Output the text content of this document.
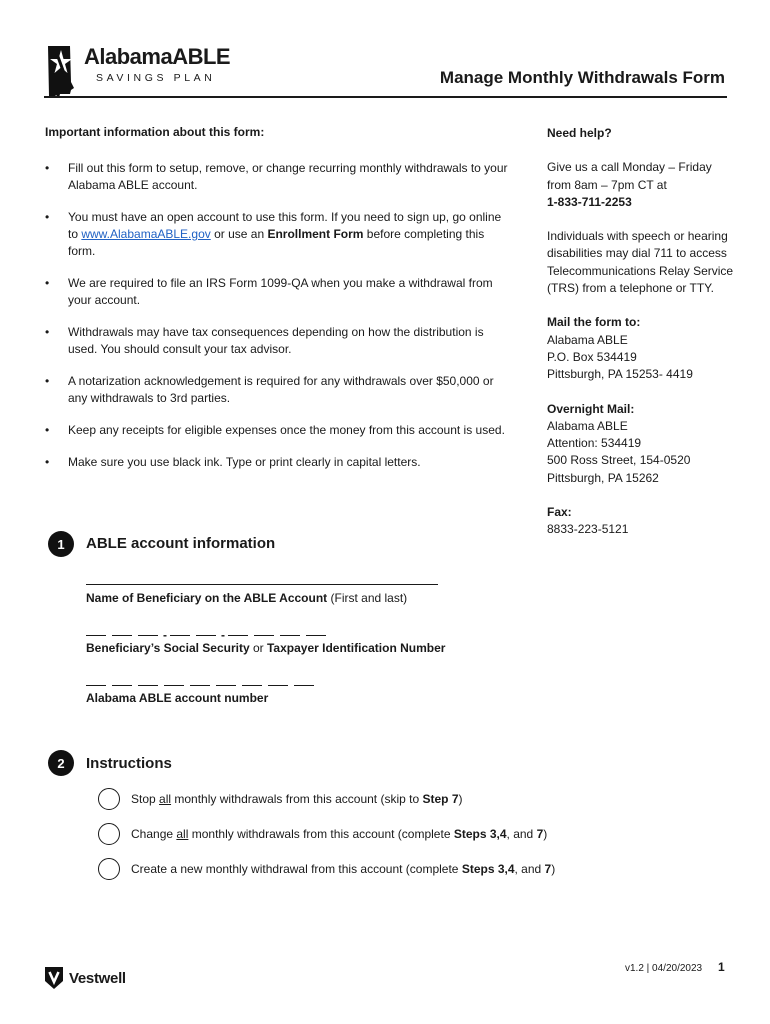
AlabamaABLE
SAVINGS PLAN	Manage Monthly Withdrawals Form
Important information about this form:
• Fill out this form to setup, remove, or change recurring monthly withdrawals to your Alabama ABLE account.
• You must have an open account to use this form. If you need to sign up, go online to www.AlabamaABLE.gov or use an Enrollment Form before completing this form.
• We are required to file an IRS Form 1099-QA when you make a withdrawal from your account.
• Withdrawals may have tax consequences depending on how the distribution is used. You should consult your tax advisor.
• A notarization acknowledgement is required for any withdrawals over $50,000 or any withdrawals to 3rd parties.
• Keep any receipts for eligible expenses once the money from this account is used.
• Make sure you use black ink. Type or print clearly in capital letters.
Need help?
Give us a call Monday – Friday from 8am – 7pm CT at
1-833-711-2253
Individuals with speech or hearing disabilities may dial 711 to access Telecommunications Relay Service (TRS) from a telephone or TTY.
Mail the form to:
Alabama ABLE
P.O. Box 534419
Pittsburgh, PA 15253- 4419
Overnight Mail:
Alabama ABLE
Attention: 534419
500 Ross Street, 154-0520
Pittsburgh, PA 15262
Fax:
8833-223-5121
1	ABLE account information
Name of Beneficiary on the ABLE Account (First and last)
-	-
Beneficiary’s Social Security or Taxpayer Identification Number
Alabama ABLE account number
2	Instructions
Stop all monthly withdrawals from this account (skip to Step 7)
Change all monthly withdrawals from this account (complete Steps 3,4, and 7)
Create a new monthly withdrawal from this account (complete Steps 3,4, and 7)
Vestwell
v1.2 | 04/20/2023 1
